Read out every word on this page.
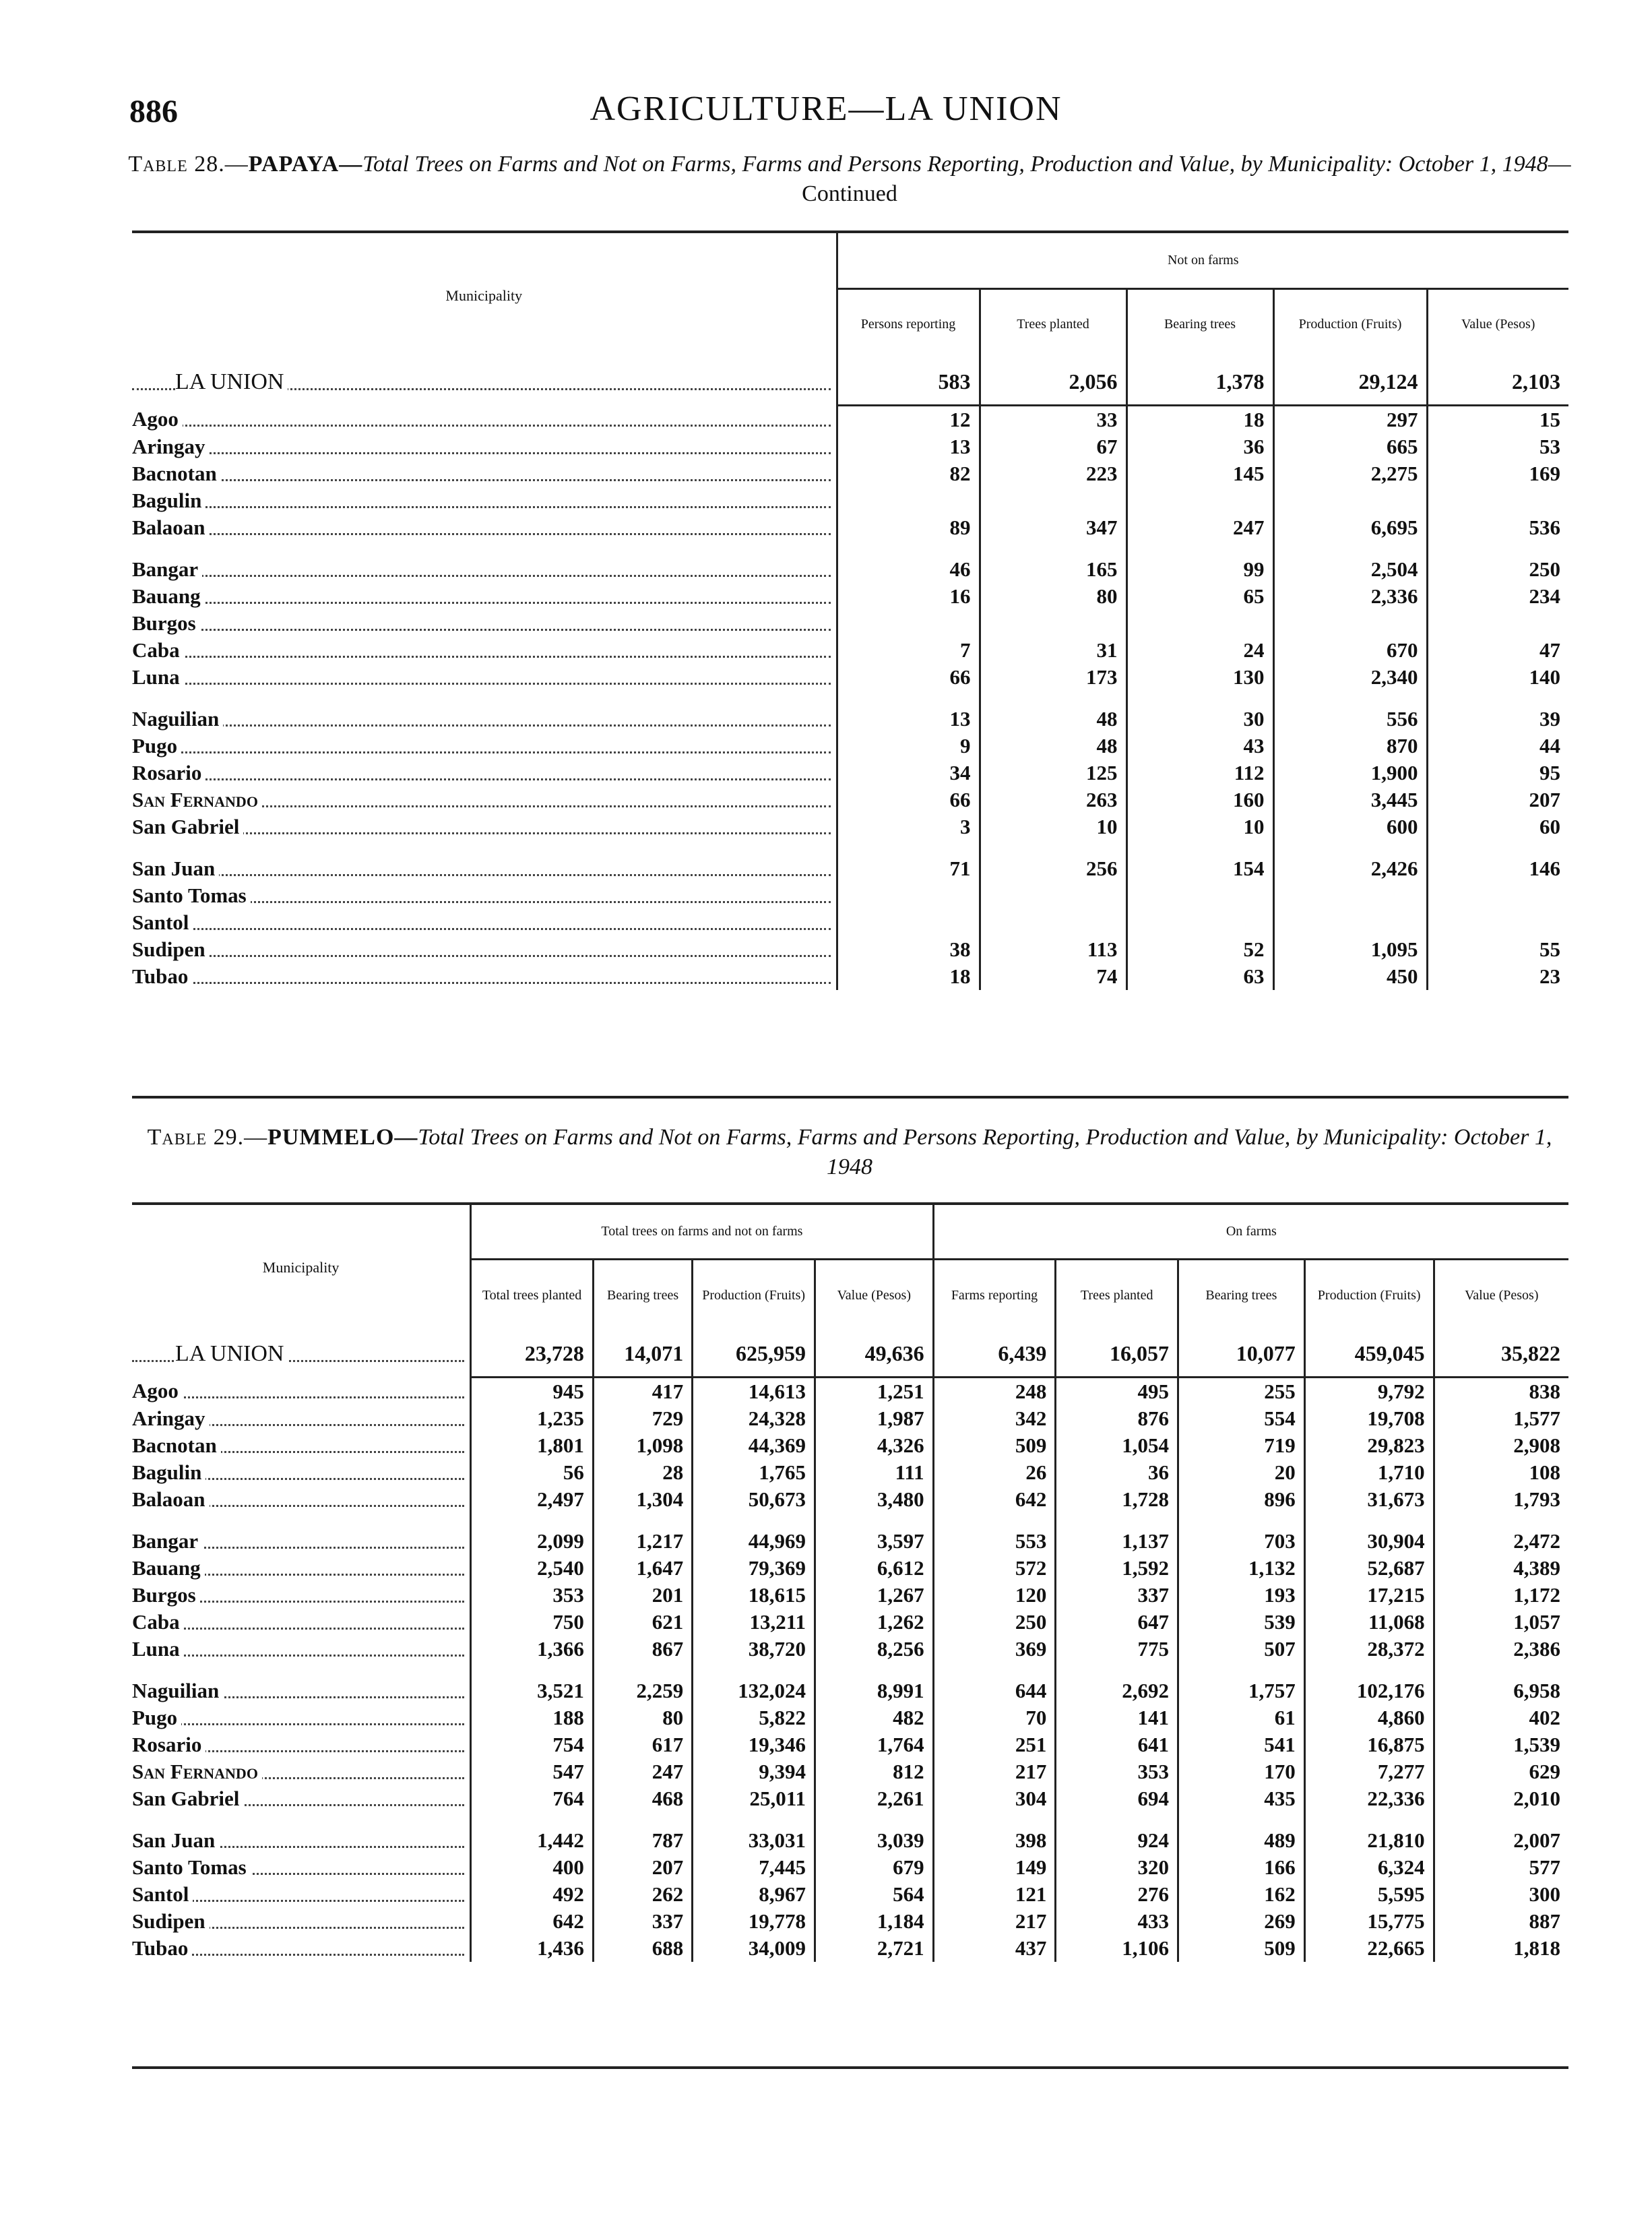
886	AGRICULTURE—LA UNION
Table 28.—PAPAYA—Total Trees on Farms and Not on Farms, Farms and Persons Reporting, Production and Value, by Municipality: October 1, 1948—Continued
Municipality	Not on farms				
	Persons reporting	Trees planted	Bearing trees	Production (Fruits)	Value (Pesos)
LA UNION	583	2,056	1,378	29,124	2,103
Agoo	12	33	18	297	15
Aringay	13	67	36	665	53
Bacnotan	82	223	145	2,275	169
Bagulin					
Balaoan	89	347	247	6,695	536

Bangar	46	165	99	2,504	250
Bauang	16	80	65	2,336	234
Burgos					
Caba	7	31	24	670	47
Luna	66	173	130	2,340	140

Naguilian	13	48	30	556	39
Pugo	9	48	43	870	44
Rosario	34	125	112	1,900	95
San Fernando	66	263	160	3,445	207
San Gabriel	3	10	10	600	60

San Juan	71	256	154	2,426	146
Santo Tomas					
Santol					
Sudipen	38	113	52	1,095	55
Tubao	18	74	63	450	23
Table 29.—PUMMELO—Total Trees on Farms and Not on Farms, Farms and Persons Reporting, Production and Value, by Municipality: October 1, 1948
Municipality	Total trees on farms and not on farms				On farms				
	Total trees planted	Bearing trees	Production (Fruits)	Value (Pesos)	Farms reporting	Trees planted	Bearing trees	Production (Fruits)	Value (Pesos)
LA UNION	23,728	14,071	625,959	49,636	6,439	16,057	10,077	459,045	35,822
Agoo	945	417	14,613	1,251	248	495	255	9,792	838
Aringay	1,235	729	24,328	1,987	342	876	554	19,708	1,577
Bacnotan	1,801	1,098	44,369	4,326	509	1,054	719	29,823	2,908
Bagulin	56	28	1,765	111	26	36	20	1,710	108
Balaoan	2,497	1,304	50,673	3,480	642	1,728	896	31,673	1,793

Bangar	2,099	1,217	44,969	3,597	553	1,137	703	30,904	2,472
Bauang	2,540	1,647	79,369	6,612	572	1,592	1,132	52,687	4,389
Burgos	353	201	18,615	1,267	120	337	193	17,215	1,172
Caba	750	621	13,211	1,262	250	647	539	11,068	1,057
Luna	1,366	867	38,720	8,256	369	775	507	28,372	2,386

Naguilian	3,521	2,259	132,024	8,991	644	2,692	1,757	102,176	6,958
Pugo	188	80	5,822	482	70	141	61	4,860	402
Rosario	754	617	19,346	1,764	251	641	541	16,875	1,539
San Fernando	547	247	9,394	812	217	353	170	7,277	629
San Gabriel	764	468	25,011	2,261	304	694	435	22,336	2,010

San Juan	1,442	787	33,031	3,039	398	924	489	21,810	2,007
Santo Tomas	400	207	7,445	679	149	320	166	6,324	577
Santol	492	262	8,967	564	121	276	162	5,595	300
Sudipen	642	337	19,778	1,184	217	433	269	15,775	887
Tubao	1,436	688	34,009	2,721	437	1,106	509	22,665	1,818
